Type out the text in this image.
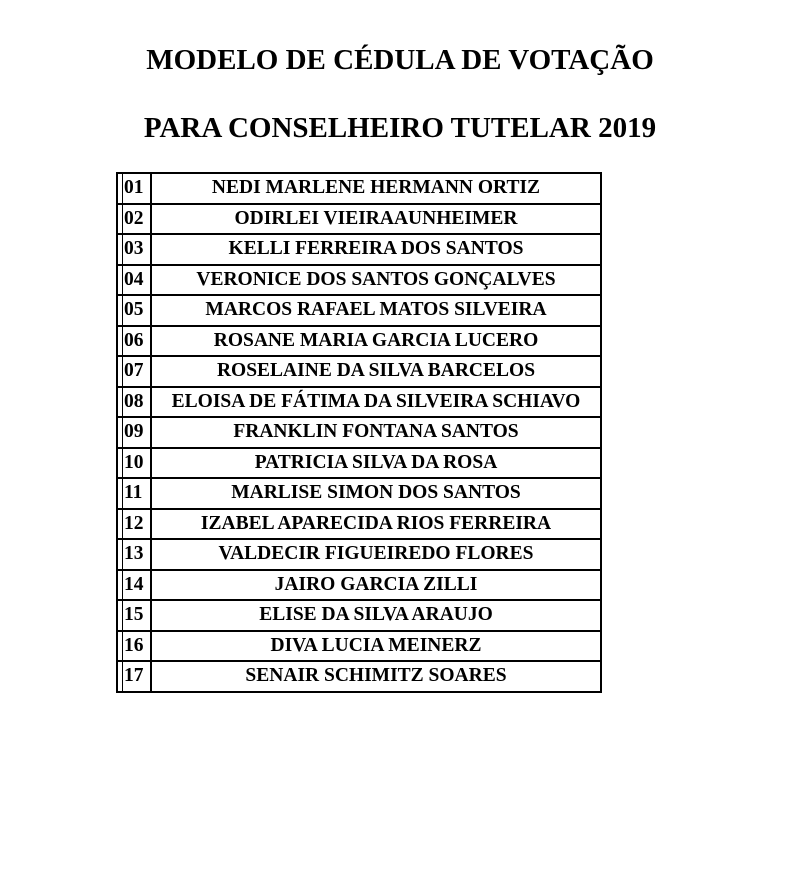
MODELO DE CÉDULA DE VOTAÇÃO
PARA CONSELHEIRO TUTELAR 2019
	01	NEDI MARLENE HERMANN ORTIZ
	02	ODIRLEI VIEIRAAUNHEIMER
	03	KELLI FERREIRA DOS SANTOS
	04	VERONICE DOS SANTOS GONÇALVES
	05	MARCOS RAFAEL MATOS SILVEIRA
	06	ROSANE MARIA GARCIA LUCERO
	07	ROSELAINE DA SILVA BARCELOS
	08	ELOISA DE FÁTIMA DA SILVEIRA SCHIAVO
	09	FRANKLIN FONTANA SANTOS
	10	PATRICIA SILVA DA ROSA
	11	MARLISE SIMON DOS SANTOS
	12	IZABEL APARECIDA RIOS FERREIRA
	13	VALDECIR FIGUEIREDO FLORES
	14	JAIRO GARCIA ZILLI
	15	ELISE DA SILVA ARAUJO
	16	DIVA LUCIA MEINERZ
	17	SENAIR SCHIMITZ SOARES
